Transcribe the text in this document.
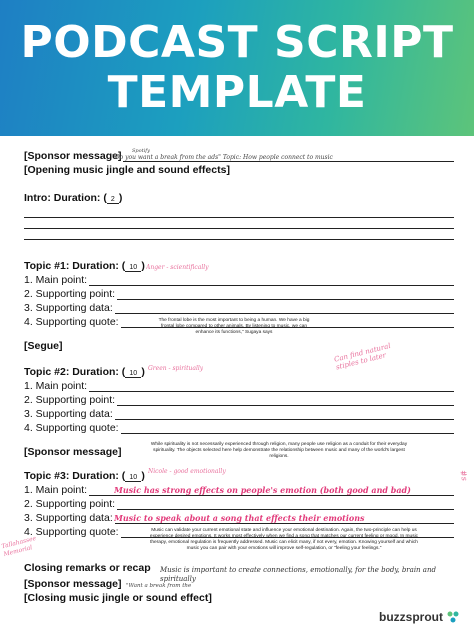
PODCAST SCRIPT
TEMPLATE
[Sponsor message]	Spotify
"Do you want a break from the ads" Topic: How people connect to music
[Opening music jingle and sound effects]
Intro: Duration: ( 2 )
Topic #1: Duration: ( 10 ) Anger - scientifically
1. Main point:
2. Supporting point:
3. Supporting data:
4. Supporting quote:	The frontal lobe is the most important to being a human. We have a big frontal lobe compared to other animals. By listening to music, we can enhance its functions," Sugaya says
[Segue]	Can find natural stiples to later
Topic #2: Duration: ( 10 ) Green - spiritually
1. Main point:
2. Supporting point:
3. Supporting data:
4. Supporting quote:
[Sponsor message]
While spirituality is not necessarily experienced through religion, many people use religion as a conduit for their everyday spirituality. The objects selected here help demonstrate the relationship between music and many of the world's largest religions.
Topic #3: Duration: ( 10 ) Nicole - good emotionally
1. Main point:	Music has strong effects on people's emotion (both good and bad)
2. Supporting point:
3. Supporting data: Music to speak about a song that effects their emotions
4. Supporting quote:	Music can validate your current emotional state and influence your emotional destination. Again, the two-principle can help us experience desired emotions. It works most effectively when we find a song that matches our current feeling or mood. In music therapy, emotional regulation is frequently addressed. Music can elicit many, if not every, emotion. Knowing yourself and which music you can pair with your emotions will improve self-regulation, or "feeling your feelings."
Tallahassee Memorial
#s
Closing remarks or recap Music is important to create connections, emotionally, for the body, brain and spiritually
[Sponsor message] "Want a break from the
[Closing music jingle or sound effect]
buzzsprout
